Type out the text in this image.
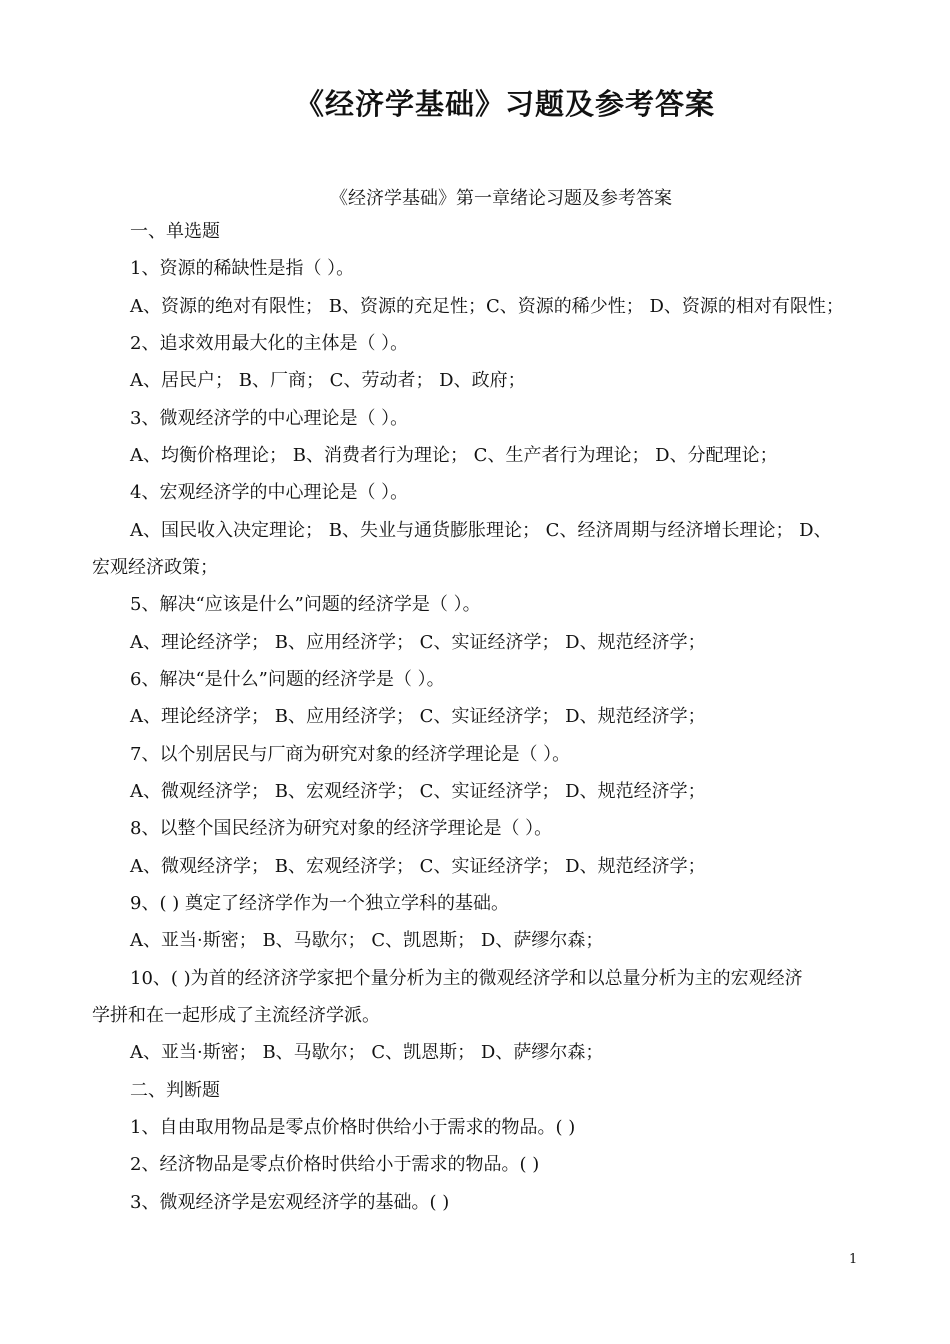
《经济学基础》习题及参考答案
《经济学基础》第一章绪论习题及参考答案
一、单选题
1、资源的稀缺性是指（ ）。
A、资源的绝对有限性； B、资源的充足性；C、资源的稀少性； D、资源的相对有限性；
2、追求效用最大化的主体是（ ）。
A、居民户； B、厂商； C、劳动者； D、政府；
3、微观经济学的中心理论是（ ）。
A、均衡价格理论； B、消费者行为理论； C、生产者行为理论； D、分配理论；
4、宏观经济学的中心理论是（ ）。
A、国民收入决定理论； B、失业与通货膨胀理论； C、经济周期与经济增长理论； D、
宏观经济政策；
5、解决“应该是什么”问题的经济学是（ ）。
A、理论经济学； B、应用经济学； C、实证经济学； D、规范经济学；
6、解决“是什么”问题的经济学是（ ）。
A、理论经济学； B、应用经济学； C、实证经济学； D、规范经济学；
7、以个别居民与厂商为研究对象的经济学理论是（ ）。
A、微观经济学； B、宏观经济学； C、实证经济学； D、规范经济学；
8、以整个国民经济为研究对象的经济学理论是（ ）。
A、微观经济学； B、宏观经济学； C、实证经济学； D、规范经济学；
9、( ) 奠定了经济学作为一个独立学科的基础。
A、亚当·斯密； B、马歇尔； C、凯恩斯； D、萨缪尔森；
10、( )为首的经济济学家把个量分析为主的微观经济学和以总量分析为主的宏观经济
学拼和在一起形成了主流经济学派。
A、亚当·斯密； B、马歇尔； C、凯恩斯； D、萨缪尔森；
二、判断题
1、自由取用物品是零点价格时供给小于需求的物品。( )
2、经济物品是零点价格时供给小于需求的物品。( )
3、微观经济学是宏观经济学的基础。( )
1
